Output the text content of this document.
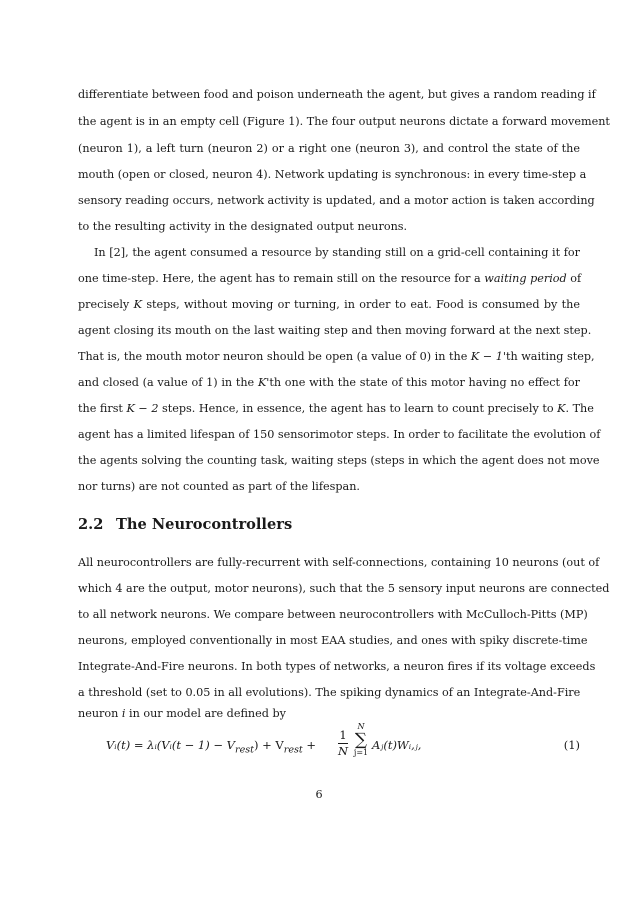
differentiate between food and poison underneath the agent, but gives a random reading if
the agent is in an empty cell (Figure 1). The four output neurons dictate a forward movement
(neuron 1), a left turn (neuron 2) or a right one (neuron 3), and control the state of the
mouth (open or closed, neuron 4). Network updating is synchronous: in every time-step a
sensory reading occurs, network activity is updated, and a motor action is taken according
to the resulting activity in the designated output neurons.
In [2], the agent consumed a resource by standing still on a grid-cell containing it for
one time-step. Here, the agent has to remain still on the resource for a waiting period of
precisely K steps, without moving or turning, in order to eat. Food is consumed by the
agent closing its mouth on the last waiting step and then moving forward at the next step.
That is, the mouth motor neuron should be open (a value of 0) in the K − 1'th waiting step,
and closed (a value of 1) in the K'th one with the state of this motor having no effect for
the first K − 2 steps. Hence, in essence, the agent has to learn to count precisely to K. The
agent has a limited lifespan of 150 sensorimotor steps. In order to facilitate the evolution of
the agents solving the counting task, waiting steps (steps in which the agent does not move
nor turns) are not counted as part of the lifespan.
2.2 The Neurocontrollers
All neurocontrollers are fully-recurrent with self-connections, containing 10 neurons (out of
which 4 are the output, motor neurons), such that the 5 sensory input neurons are connected
to all network neurons. We compare between neurocontrollers with McCulloch-Pitts (MP)
neurons, employed conventionally in most EAA studies, and ones with spiky discrete-time
Integrate-And-Fire neurons. In both types of networks, a neuron fires if its voltage exceeds
a threshold (set to 0.05 in all evolutions). The spiking dynamics of an Integrate-And-Fire
neuron i in our model are defined by
Vᵢ(t) = λᵢ(Vᵢ(t − $1) - V_{rest}) + V_{rest}$ +
1
N
N
∑
j=1
Aⱼ(t)Wᵢ,ⱼ,	(1)
6
